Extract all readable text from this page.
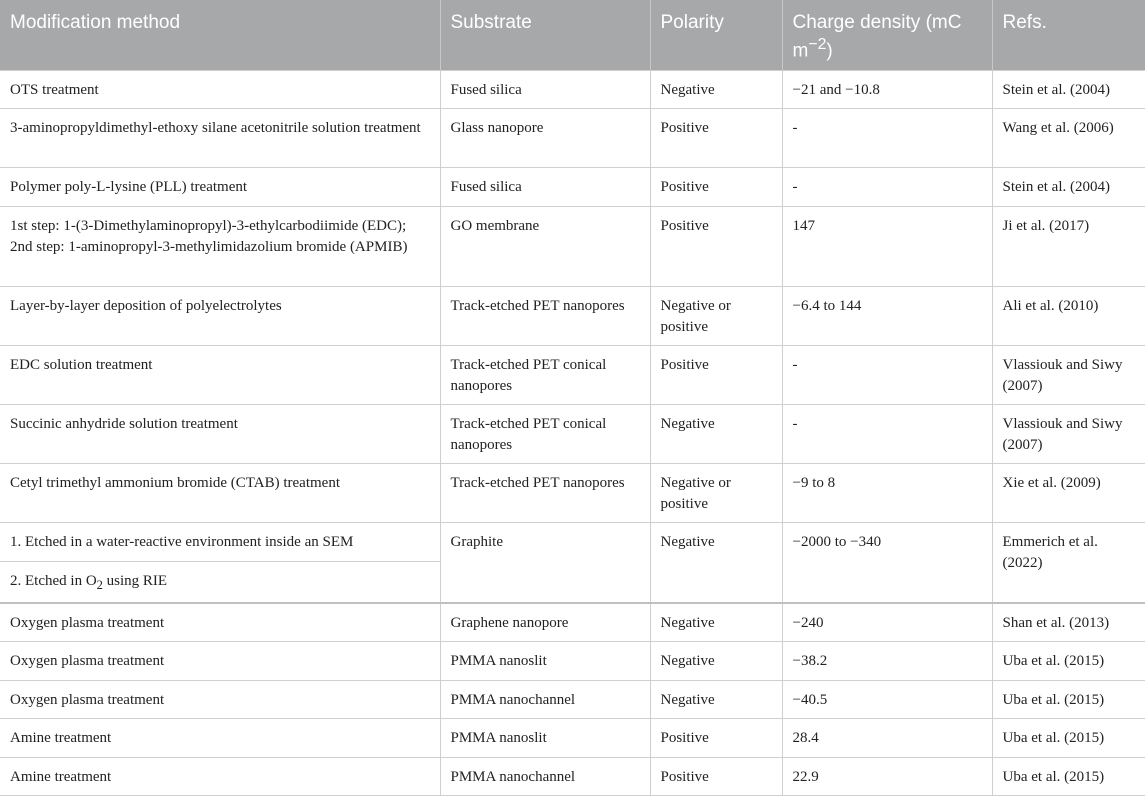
Modification method	Substrate	Polarity	Charge density (mC $m^{-2}$)	Refs.
OTS treatment	Fused silica	Negative	−21 and −10.8	Stein et al. (2004)
3-aminopropyldimethyl-ethoxy silane acetonitrile solution treatment	Glass nanopore	Positive	-	Wang et al. (2006)
Polymer poly-L-lysine (PLL) treatment	Fused silica	Positive	-	Stein et al. (2004)
1st step: 1-(3-Dimethylaminopropyl)-3-ethylcarbodiimide (EDC); 2nd step: 1-aminopropyl-3-methylimidazolium bromide (APMIB)	GO membrane	Positive	147	Ji et al. (2017)
Layer-by-layer deposition of polyelectrolytes	Track-etched PET nanopores	Negative or positive	−6.4 to 144	Ali et al. (2010)
EDC solution treatment	Track-etched PET conical nanopores	Positive	-	Vlassiouk and Siwy (2007)
Succinic anhydride solution treatment	Track-etched PET conical nanopores	Negative	-	Vlassiouk and Siwy (2007)
Cetyl trimethyl ammonium bromide (CTAB) treatment	Track-etched PET nanopores	Negative or positive	−9 to 8	Xie et al. (2009)
1. Etched in a water-reactive environment inside an SEM	Graphite	Negative	−2000 to −340	Emmerich et al. (2022)
2. Etched in $O_2$ using RIE				
Oxygen plasma treatment	Graphene nanopore	Negative	−240	Shan et al. (2013)
Oxygen plasma treatment	PMMA nanoslit	Negative	−38.2	Uba et al. (2015)
Oxygen plasma treatment	PMMA nanochannel	Negative	−40.5	Uba et al. (2015)
Amine treatment	PMMA nanoslit	Positive	28.4	Uba et al. (2015)
Amine treatment	PMMA nanochannel	Positive	22.9	Uba et al. (2015)
